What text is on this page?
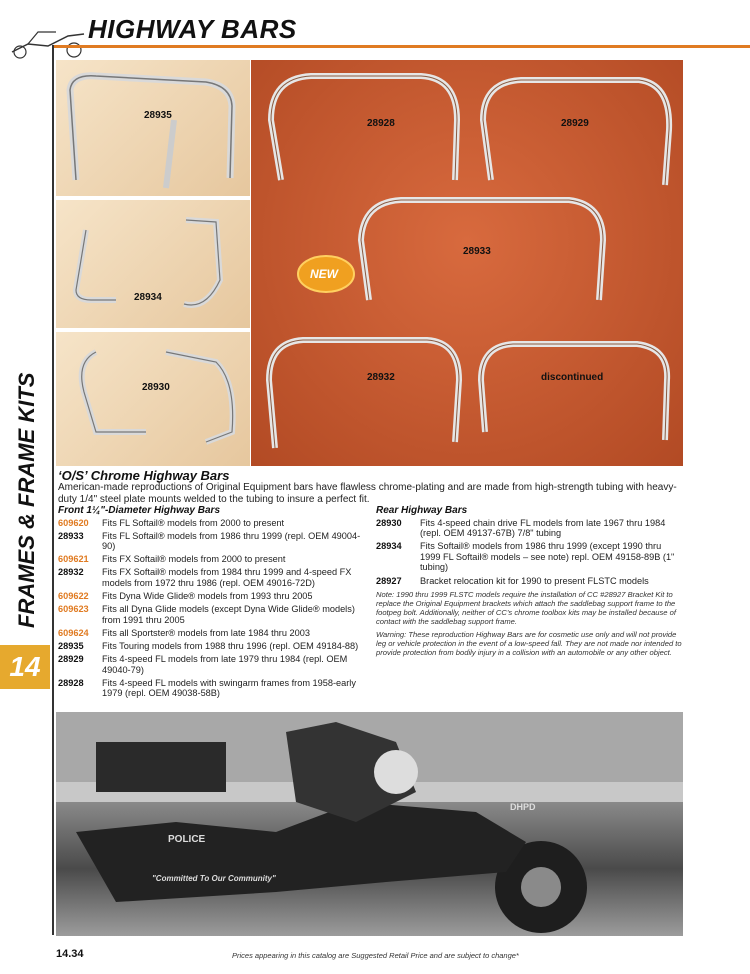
HIGHWAY BARS
FRAMES & FRAME KITS
14
28935
28934
28930
28928	28929
28933
NEW
28932	discontinued
‘O/S’ Chrome Highway Bars
American-made reproductions of Original Equipment bars have flawless chrome-plating and are made from high-strength tubing with heavy-duty 1/4" steel plate mounts welded to the tubing to insure a perfect fit.
Front 1¼"-Diameter Highway Bars
609620	Fits FL Softail® models from 2000 to present
28933	Fits FL Softail® models from 1986 thru 1999 (repl. OEM 49004-90)
609621	Fits FX Softail® models from 2000 to present
28932	Fits FX Softail® models from 1984 thru 1999 and 4-speed FX models from 1972 thru 1986 (repl. OEM 49016-72D)
609622	Fits Dyna Wide Glide® models from 1993 thru 2005
609623	Fits all Dyna Glide models (except Dyna Wide Glide® models) from 1991 thru 2005
609624	Fits all Sportster® models from late 1984 thru 2003
28935	Fits Touring models from 1988 thru 1996 (repl. OEM 49184-88)
28929	Fits 4-speed FL models from late 1979 thru 1984 (repl. OEM 49040-79)
28928	Fits 4-speed FL models with swingarm frames from 1958-early 1979 (repl. OEM 49038-58B)
Rear Highway Bars
28930	Fits 4-speed chain drive FL models from late 1967 thru 1984 (repl. OEM 49137-67B) 7/8" tubing
28934	Fits Softail® models from 1986 thru 1999 (except 1990 thru 1999 FL Softail® models – see note) repl. OEM 49158-89B (1" tubing)
28927	Bracket relocation kit for 1990 to present FLSTC models
Note: 1990 thru 1999 FLSTC models require the installation of CC #28927 Bracket Kit to replace the Original Equipment brackets which attach the saddlebag support frame to the footpeg bolt. Additionally, neither of CC’s chrome toolbox kits may be installed because of contact with the saddlebag support frame.
Warning: These reproduction Highway Bars are for cosmetic use only and will not provide leg or vehicle protection in the event of a low-speed fall. They are not made nor intended to provide protection from bodily injury in a collision with an automobile or any other object.
POLICE
DHPD
"Committed To Our Community"
14.34	Prices appearing in this catalog are Suggested Retail Price and are subject to change*
